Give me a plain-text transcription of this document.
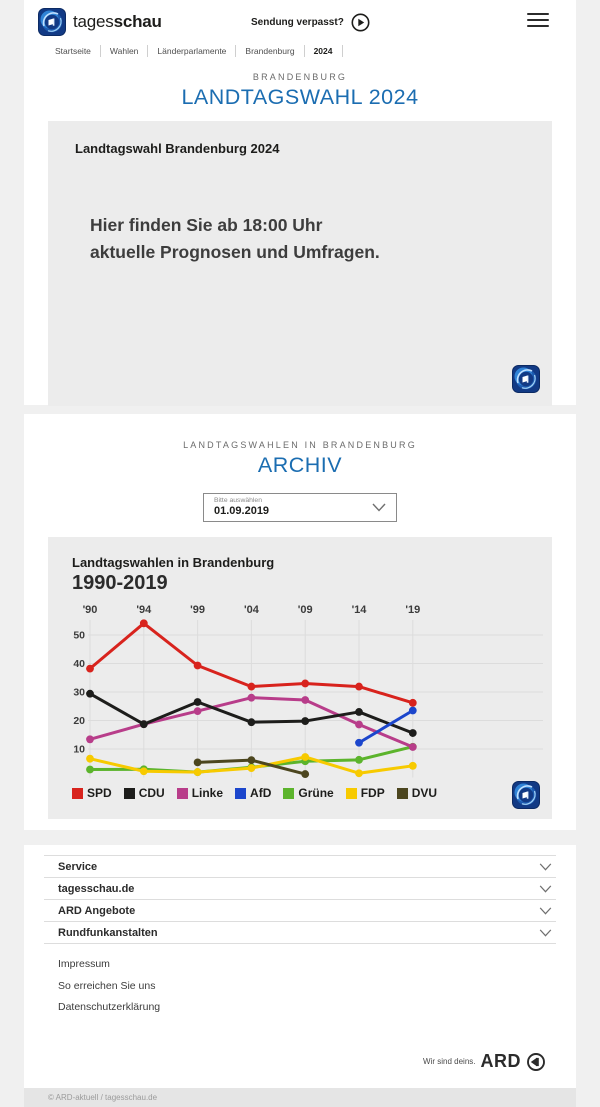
tagesschau	Sendung verpasst?
Startseite	Wahlen	Länderparlamente	Brandenburg	2024
BRANDENBURG
LANDTAGSWAHL 2024
Landtagswahl Brandenburg 2024
Hier finden Sie ab 18:00 Uhr
aktuelle Prognosen und Umfragen.
LANDTAGSWAHLEN IN BRANDENBURG
ARCHIV
Bitte auswählen
01.09.2019
Landtagswahlen in Brandenburg
1990-2019
10
20
30
40
50
'90	'94	'99	'04	'09	'14	'19
SPD CDU Linke AfD Grüne FDP DVU
Service
tagesschau.de
ARD Angebote
Rundfunkanstalten
Impressum
So erreichen Sie uns
Datenschutzerklärung
Wir sind deins. ARD
© ARD-aktuell / tagesschau.de
